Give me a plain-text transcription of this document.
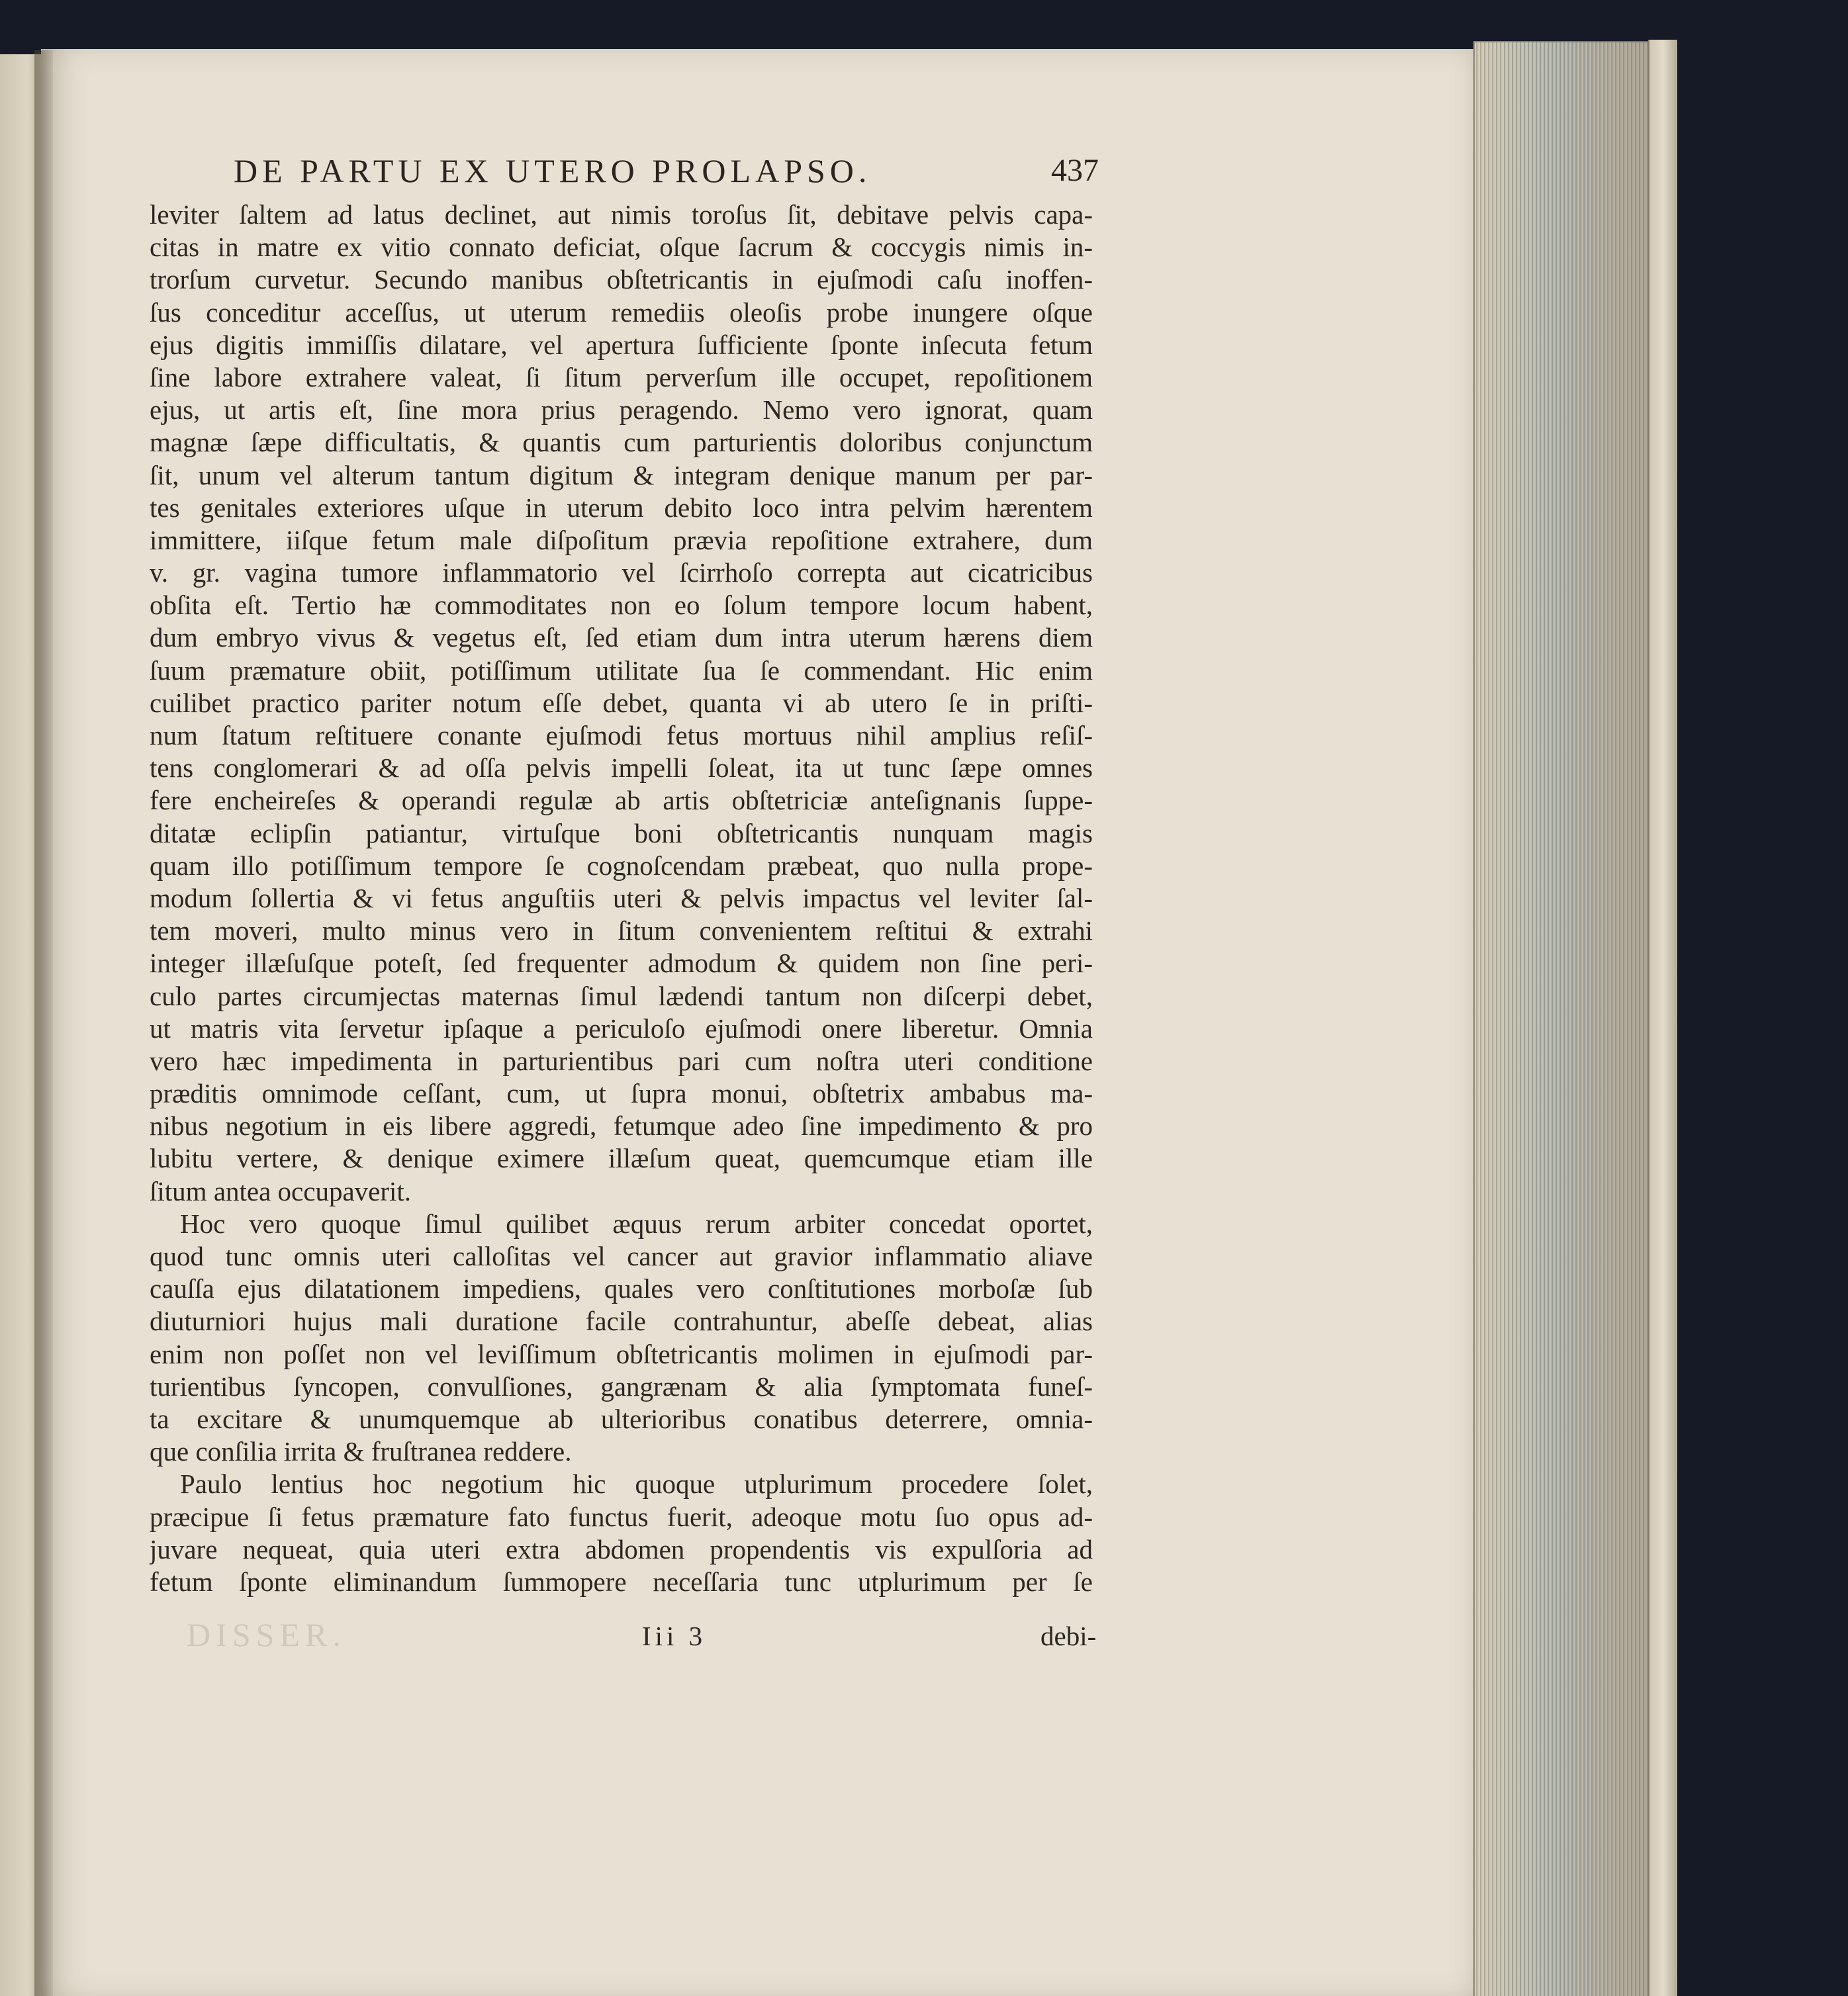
DE PARTU EX UTERO PROLAPSO.	437
leviter ſaltem ad latus declinet, aut nimis toroſus ſit, debitave pelvis capa-
citas in matre ex vitio connato deficiat, oſque ſacrum & coccygis nimis in-
trorſum curvetur. Secundo manibus obſtetricantis in ejuſmodi caſu inoffen-
ſus conceditur acceſſus, ut uterum remediis oleoſis probe inungere oſque
ejus digitis immiſſis dilatare, vel apertura ſufficiente ſponte inſecuta fetum
ſine labore extrahere valeat, ſi ſitum perverſum ille occupet, repoſitionem
ejus, ut artis eſt, ſine mora prius peragendo. Nemo vero ignorat, quam
magnæ ſæpe difficultatis, & quantis cum parturientis doloribus conjunctum
ſit, unum vel alterum tantum digitum & integram denique manum per par-
tes genitales exteriores uſque in uterum debito loco intra pelvim hærentem
immittere, iiſque fetum male diſpoſitum prævia repoſitione extrahere, dum
v. gr. vagina tumore inflammatorio vel ſcirrhoſo correpta aut cicatricibus
obſita eſt. Tertio hæ commoditates non eo ſolum tempore locum habent,
dum embryo vivus & vegetus eſt, ſed etiam dum intra uterum hærens diem
ſuum præmature obiit, potiſſimum utilitate ſua ſe commendant. Hic enim
cuilibet practico pariter notum eſſe debet, quanta vi ab utero ſe in priſti-
num ſtatum reſtituere conante ejuſmodi fetus mortuus nihil amplius reſiſ-
tens conglomerari & ad oſſa pelvis impelli ſoleat, ita ut tunc ſæpe omnes
fere encheireſes & operandi regulæ ab artis obſtetriciæ anteſignanis ſuppe-
ditatæ eclipſin patiantur, virtuſque boni obſtetricantis nunquam magis
quam illo potiſſimum tempore ſe cognoſcendam præbeat, quo nulla prope-
modum ſollertia & vi fetus anguſtiis uteri & pelvis impactus vel leviter ſal-
tem moveri, multo minus vero in ſitum convenientem reſtitui & extrahi
integer illæſuſque poteſt, ſed frequenter admodum & quidem non ſine peri-
culo partes circumjectas maternas ſimul lædendi tantum non diſcerpi debet,
ut matris vita ſervetur ipſaque a periculoſo ejuſmodi onere liberetur. Omnia
vero hæc impedimenta in parturientibus pari cum noſtra uteri conditione
præditis omnimode ceſſant, cum, ut ſupra monui, obſtetrix ambabus ma-
nibus negotium in eis libere aggredi, fetumque adeo ſine impedimento & pro
lubitu vertere, & denique eximere illæſum queat, quemcumque etiam ille
ſitum antea occupaverit.
Hoc vero quoque ſimul quilibet æquus rerum arbiter concedat oportet,
quod tunc omnis uteri calloſitas vel cancer aut gravior inflammatio aliave
cauſſa ejus dilatationem impediens, quales vero conſtitutiones morboſæ ſub
diuturniori hujus mali duratione facile contrahuntur, abeſſe debeat, alias
enim non poſſet non vel leviſſimum obſtetricantis molimen in ejuſmodi par-
turientibus ſyncopen, convulſiones, gangrænam & alia ſymptomata funeſ-
ta excitare & unumquemque ab ulterioribus conatibus deterrere, omnia-
que conſilia irrita & fruſtranea reddere.
Paulo lentius hoc negotium hic quoque utplurimum procedere ſolet,
præcipue ſi fetus præmature fato functus fuerit, adeoque motu ſuo opus ad-
juvare nequeat, quia uteri extra abdomen propendentis vis expulſoria ad
fetum ſponte eliminandum ſummopere neceſſaria tunc utplurimum per ſe
DISSER.	Iii 3	debi-
